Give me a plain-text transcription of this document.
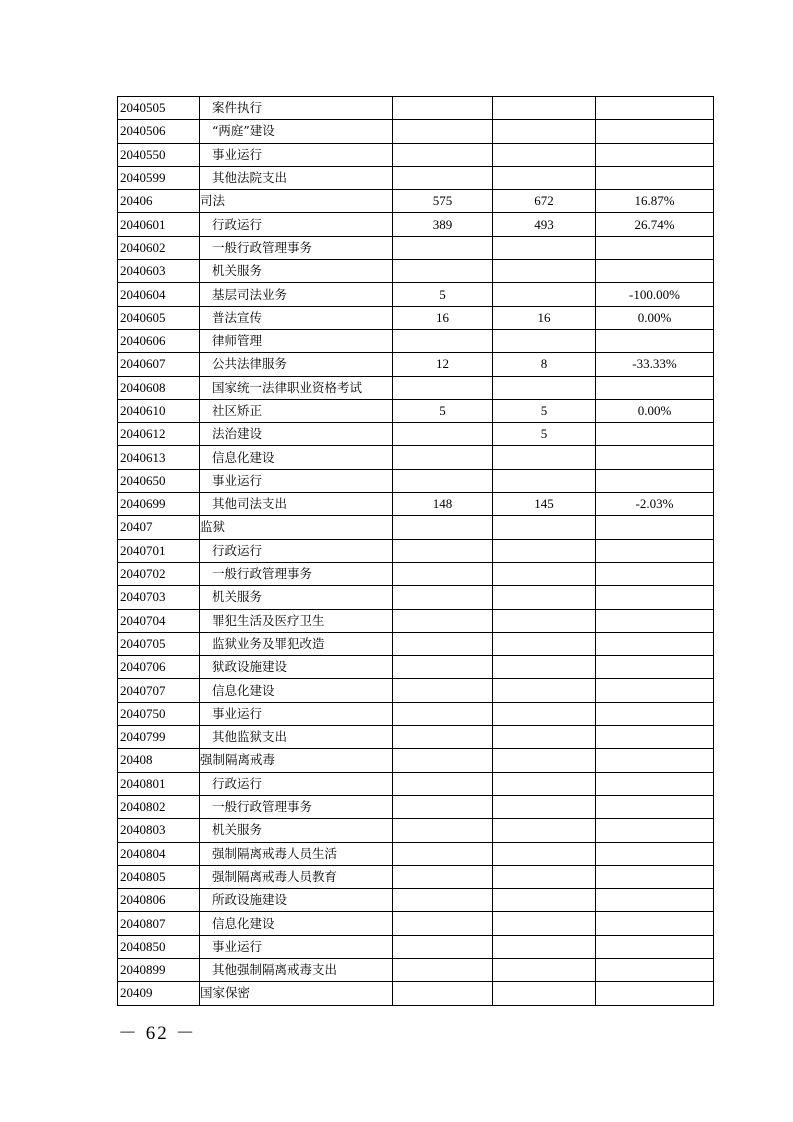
2040505	案件执行			
2040506	“两庭”建设			
2040550	事业运行			
2040599	其他法院支出			
20406	司法	575	672	16.87%
2040601	行政运行	389	493	26.74%
2040602	一般行政管理事务			
2040603	机关服务			
2040604	基层司法业务	5		-100.00%
2040605	普法宣传	16	16	0.00%
2040606	律师管理			
2040607	公共法律服务	12	8	-33.33%
2040608	国家统一法律职业资格考试			
2040610	社区矫正	5	5	0.00%
2040612	法治建设		5	
2040613	信息化建设			
2040650	事业运行			
2040699	其他司法支出	148	145	-2.03%
20407	监狱			
2040701	行政运行			
2040702	一般行政管理事务			
2040703	机关服务			
2040704	罪犯生活及医疗卫生			
2040705	监狱业务及罪犯改造			
2040706	狱政设施建设			
2040707	信息化建设			
2040750	事业运行			
2040799	其他监狱支出			
20408	强制隔离戒毒			
2040801	行政运行			
2040802	一般行政管理事务			
2040803	机关服务			
2040804	强制隔离戒毒人员生活			
2040805	强制隔离戒毒人员教育			
2040806	所政设施建设			
2040807	信息化建设			
2040850	事业运行			
2040899	其他强制隔离戒毒支出			
20409	国家保密			
－ 62 －
